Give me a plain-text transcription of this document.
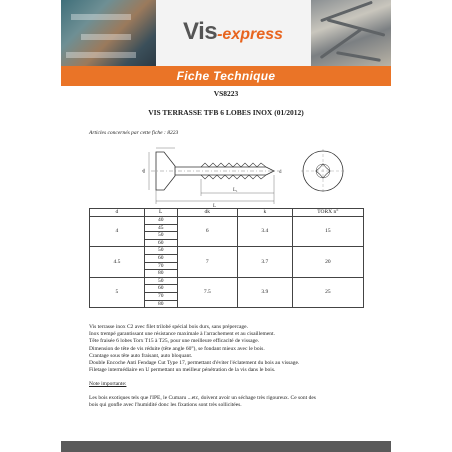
Vis-express
Fiche Technique
VS8223
VIS TERRASSE TFB 6 LOBES INOX (01/2012)
Articles concernés par cette fiche : 8223
dk
L
L₁
d
d	L	dk	k	TORX n°
4	40	6	3.4	15
	45			
	50			
	60			
4.5	50	7	3.7	20
	60			
	70			
	80			
5	50	7.5	3.9	25
	60			
	70			
	80			
Vis terrasse inox C2 avec filet trilobé spécial bois durs, sans prépercage.
Inox trempé garantissant une résistance maximale à l'arrachement et au cisaillement.
Tête fraisée 6 lobes Torx T15 à T25, pour une meilleure efficacité de vissage.
Dimension de tête de vis réduite (tête angle 60°), se fondant mieux avec le bois.
Crantage sous tête auto fraisant, auto bloquant.
Double Encoche Anti Fendage Cut Type 17, permettant d'éviter l'éclatement du bois au vissage.
Filetage intermédiaire en U permettant un meilleur pénétration de la vis dans le bois.
Note importante:
Les bois exotiques tels que l'IPE, le Cumaru ...etc, doivent avoir un séchage très rigoureux. Ce sont des
bois qui gonfle avec l'humidité donc les fixations sont très sollicitées.
